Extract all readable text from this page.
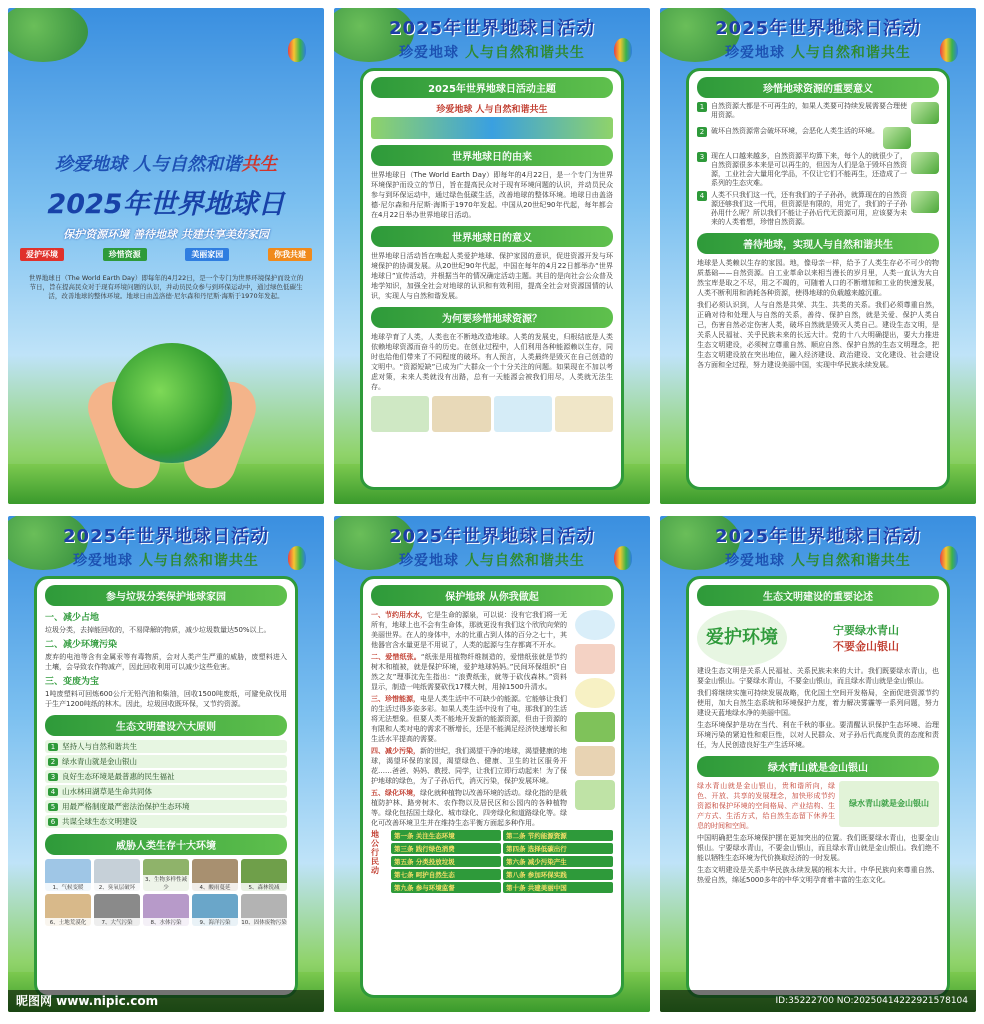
珍爱地球 人与自然和谐共生
2025年世界地球日
保护资源环境 善待地球 共建共享美好家园
爱护环境	珍惜资源	美丽家园	你我共建
世界地球日（The World Earth Day）即每年的4月22日，是一个专门为世界环境保护而设立的节日，旨在提高民众对于现有环境问题的认识，并动员民众参与到环保运动中，通过绿色低碳生活，改善地球的整体环境。地球日由盖洛德·尼尔森和丹尼斯·海斯于1970年发起。
2025年世界地球日活动
珍爱地球 人与自然和谐共生
2025年世界地球日活动主题
珍爱地球 人与自然和谐共生
世界地球日的由来

世界地球日（The World Earth Day）即每年的4月22日，是一个专门为世界环境保护而设立的节日，旨在提高民众对于现有环境问题的认识，并动员民众参与到环保运动中，通过绿色低碳生活，改善地球的整体环境。地球日由盖洛德·尼尔森和丹尼斯·海斯于1970年发起。中国从20世纪90年代起，每年都会在4月22日举办世界地球日活动。

世界地球日的意义

世界地球日活动旨在唤起人类爱护地球、保护家园的意识，促进资源开发与环境保护的协调发展。从20世纪90年代起，中国在每年的4月22日都举办“世界地球日”宣传活动，并根据当年的情况确定活动主题。其目的是向社会公众普及地学知识，加强全社会对地球的认识和有效利用，提高全社会对资源国情的认识，实现人与自然和谐发展。

为何要珍惜地球资源？

地球孕育了人类，人类也在不断地改造地球。人类的发展史，归根结底是人类依赖地球资源而奋斗的历史。在创业过程中，人们利用各种能源赖以生存，同时也给他们带来了不同程度的破坏。有人预言，人类最终是毁灭在自己创造的文明中。“资源短缺”已成为广大群众一个十分关注的问题。如果现在不加以考虑对策，未来人类就没有出路，总有一天能源会被我们用尽，人类就无法生存。

2025年世界地球日活动
珍爱地球 人与自然和谐共生
珍惜地球资源的重要意义
1 自然资源大都是不可再生的，如果人类要可持续发展需要合理使用资源。
2 破坏自然资源常会破坏环境，会恶化人类生活的环境。
3 现在人口越来越多，自然资源平均算下来，每个人的就很少了，自然资源很多本来是可以再生的，但因为人们是急于毁坏自然资源，工业社会大量用化学品，不仅让它们不能再生，还造成了一系列的生态灾难。
4 人类不只我们这一代，还有我们的子子孙孙，就算现在的自然资源还够我们这一代用，但资源是有限的，用完了，我们的子子孙孙用什么呢？所以我们不能让子孙后代无资源可用，应该要为未来的人类着想，珍惜自然资源。
善待地球，实现人与自然和谐共生

地球是人类赖以生存的家园。地，像母亲一样，给予了人类生存必不可少的物质基础——自然资源。自工业革命以来相当漫长的岁月里，人类一直认为大自然宝库是取之不尽，用之不竭的，可随着人口的不断增加和工业的快速发展，人类不断利用和消耗各种资源，使得地球的负载越来越沉重。

我们必须认识到，人与自然是共荣、共生、共类的关系。我们必须尊重自然，正确对待和处理人与自然的关系，善待、保护自然，就是关爱、保护人类自己，伤害自然必定伤害人类，破坏自然就是毁灭人类自己。建设生态文明，是关系人民福祉、关乎民族未来的长远大计。党的十八大明确提出，要大力推进生态文明建设，必须树立尊重自然、顺应自然、保护自然的生态文明理念，把生态文明建设放在突出地位，融入经济建设、政治建设、文化建设、社会建设各方面和全过程，努力建设美丽中国，实现中华民族永续发展。

2025年世界地球日活动
珍爱地球 人与自然和谐共生
参与垃圾分类保护地球家园
一、减少占地

垃圾分类，去掉能回收的，不易降解的物质，减少垃圾数量达50%以上。

二、减少环境污染

废弃的电池等含有金属汞等有毒物质，会对人类产生严重的威胁，废塑料进入土壤，会导致农作物减产，因此回收利用可以减少这些危害。

三、变废为宝

1吨废塑料可回炼600公斤无铅汽油和柴油，回收1500吨废纸，可避免砍伐用于生产1200吨纸的林木。因此，垃圾回收既环保，又节约资源。

生态文明建设六大原则
1 坚持人与自然和谐共生
2 绿水青山就是金山银山
3 良好生态环境是最普惠的民生福祉
4 山水林田湖草是生命共同体
5 用最严格制度最严密法治保护生态环境
6 共谋全球生态文明建设
威胁人类生存十大环境
1、气候变暖	2、臭氧层破坏
3、生物多样性减少	4、酸雨蔓延	5、森林锐减
6、土地荒漠化	7、大气污染	8、水体污染	9、海洋污染	10、固体废物污染
昵图网 www.nipic.com
2025年世界地球日活动
珍爱地球 人与自然和谐共生
保护地球 从你我做起

一、节约用水水，它是生命的源泉，可以说：没有它我们将一无所有，地球上也不会有生命体，那就更没有我们这个欣欣向荣的美丽世界。在人的身体中，水的比重占到人体的百分之七十，其他器官含水量更是不用说了，人类的起源与生存都离不开水。

二、爱惜纸张。“纸张是用植物纤维制造的，爱惜纸张就是节约树木和植被，就是保护环境，爱护地球妈妈。”民间环保组织“自然之友”理事沈先生指出：“浪费纸张，就等于砍伐森林。”资料显示，制造一吨纸需要砍伐17棵大树，用掉1500升清水。

三、珍惜能源，电是人类生活中不可缺少的能源。它能够让我们的生活过得多姿多彩。如果人类生活中没有了电，那我们的生活将无法想象。但要人类不能地开发新的能源资源，但由于资源的有限和人类对电的需求不断增长，还是不能满足经济快速增长和生活水平提高的需要。

四、减少污染，新的世纪，我们渴望干净的地球，渴望健康的地球，渴望环保的家园，渴望绿色、健康、卫生的社区服务开花……爸爸、妈妈、教授、同学，让我们立即行动起来！为了保护地球的绿色，为了子孙后代，消灭污染，保护发展环境。

五、绿化环境，绿化就种植物以改善环境的活动。绿化指的是栽植防护林、路旁树木、农作物以及居民区和公园内的各种植物等。绿化包括国土绿化、城市绿化、四旁绿化和道路绿化等。绿化可改善环境卫生并在维持生态平衡方面起多种作用。

地
公
行
民
动
第一条 关注生态环境	第二条 节约能源资源
第三条 践行绿色消费	第四条 选择低碳出行
第五条 分类投放垃圾	第六条 减少污染产生
第七条 呵护自然生态	第八条 参加环保实践
第九条 参与环境监督	第十条 共建美丽中国
2025年世界地球日活动
珍爱地球 人与自然和谐共生
生态文明建设的重要论述
爱护环境	宁要绿水青山
不要金山银山

建设生态文明是关系人民福祉、关系民族未来的大计。我们既要绿水青山，也要金山银山。宁要绿水青山，不要金山银山，而且绿水青山就是金山银山。

我们将继续实施可持续发展战略，优化国土空间开发格局，全面促进资源节约使用，加大自然生态系统和环境保护力度，着力解决雾霾等一系列问题，努力建设天蓝地绿水净的美丽中国。

生态环境保护是功在当代、利在千秋的事业。要清醒认识保护生态环境、治理环境污染的紧迫性和艰巨性，以对人民群众、对子孙后代高度负责的态度和责任，为人民创造良好生产生活环境。

绿水青山就是金山银山

绿水青山就是金山银山，贵和谐所向，绿色、开放、共享的发展理念，加快形成节约资源和保护环境的空间格局、产业结构、生产方式、生活方式，给自然生态留下休养生息的时间和空间。

绿水青山就是金山银山

中国明确把生态环境保护摆在更加突出的位置。我们既要绿水青山，也要金山银山。宁要绿水青山，不要金山银山，而且绿水青山就是金山银山。我们绝不能以牺牲生态环境为代价换取经济的一时发展。

生态文明建设是关系中华民族永续发展的根本大计。中华民族向来尊重自然、热爱自然，绵延5000多年的中华文明孕育着丰富的生态文化。

ID:35222700 NO:20250414222921578104
